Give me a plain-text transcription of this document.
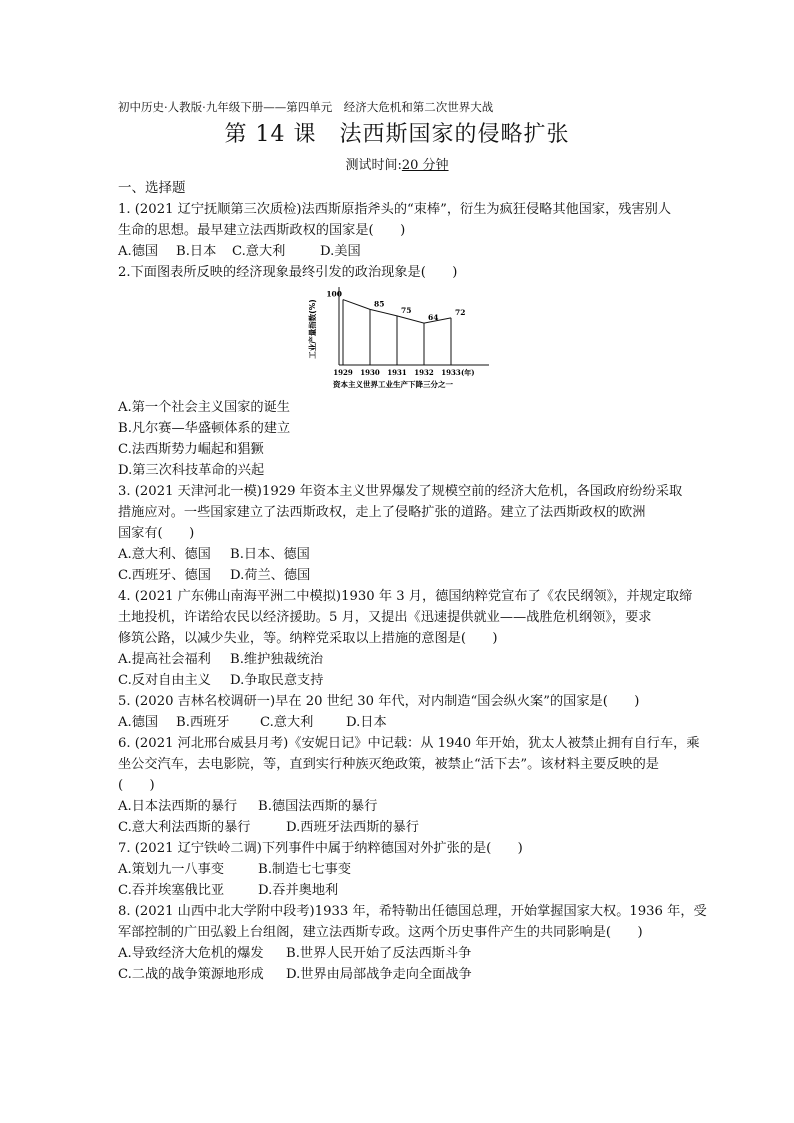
初中历史·人教版·九年级下册——第四单元　经济大危机和第二次世界大战
第 14 课　法西斯国家的侵略扩张
测试时间:20 分钟
一、选择题
1. (2021 辽宁抚顺第三次质检)法西斯原指斧头的“束棒”，衍生为疯狂侵略其他国家，残害别人
生命的思想。最早建立法西斯政权的国家是(　　)
A.德国 B.日本 C.意大利	D.美国
2.下面图表所反映的经济现象最终引发的政治现象是(　　)
工业产量指数(%)
1929
100
1930
85
1931
75
1932
64
1933
72
(年)
资本主义世界工业生产下降三分之一
A.第一个社会主义国家的诞生
B.凡尔赛—华盛顿体系的建立
C.法西斯势力崛起和猖獗
D.第三次科技革命的兴起
3. (2021 天津河北一模)1929 年资本主义世界爆发了规模空前的经济大危机，各国政府纷纷采取
措施应对。一些国家建立了法西斯政权，走上了侵略扩张的道路。建立了法西斯政权的欧洲
国家有(　　)
A.意大利、德国 B.日本、德国
C.西班牙、德国 D.荷兰、德国
4. (2021 广东佛山南海平洲二中模拟)1930 年 3 月，德国纳粹党宣布了《农民纲领》，并规定取缔
土地投机，许诺给农民以经济援助。5 月，又提出《迅速提供就业——战胜危机纲领》，要求
修筑公路，以减少失业，等。纳粹党采取以上措施的意图是(　　)
A.提高社会福利 B.维护独裁统治
C.反对自由主义 D.争取民意支持
5. (2020 吉林名校调研一)早在 20 世纪 30 年代，对内制造“国会纵火案”的国家是(　　)
A.德国 B.西班牙 C.意大利 D.日本
6. (2021 河北邢台威县月考)《安妮日记》中记载：从 1940 年开始，犹太人被禁止拥有自行车，乘
坐公交汽车，去电影院，等，直到实行种族灭绝政策，被禁止“活下去”。该材料主要反映的是
(　　)
A.日本法西斯的暴行 B.德国法西斯的暴行
C.意大利法西斯的暴行	D.西班牙法西斯的暴行
7. (2021 辽宁铁岭二调)下列事件中属于纳粹德国对外扩张的是(　　)
A.策划九一八事变	B.制造七七事变
C.吞并埃塞俄比亚	D.吞并奥地利
8. (2021 山西中北大学附中段考)1933 年，希特勒出任德国总理，开始掌握国家大权。1936 年，受
军部控制的广田弘毅上台组阁，建立法西斯专政。这两个历史事件产生的共同影响是(　　)
A.导致经济大危机的爆发 B.世界人民开始了反法西斯斗争
C.二战的战争策源地形成 D.世界由局部战争走向全面战争
